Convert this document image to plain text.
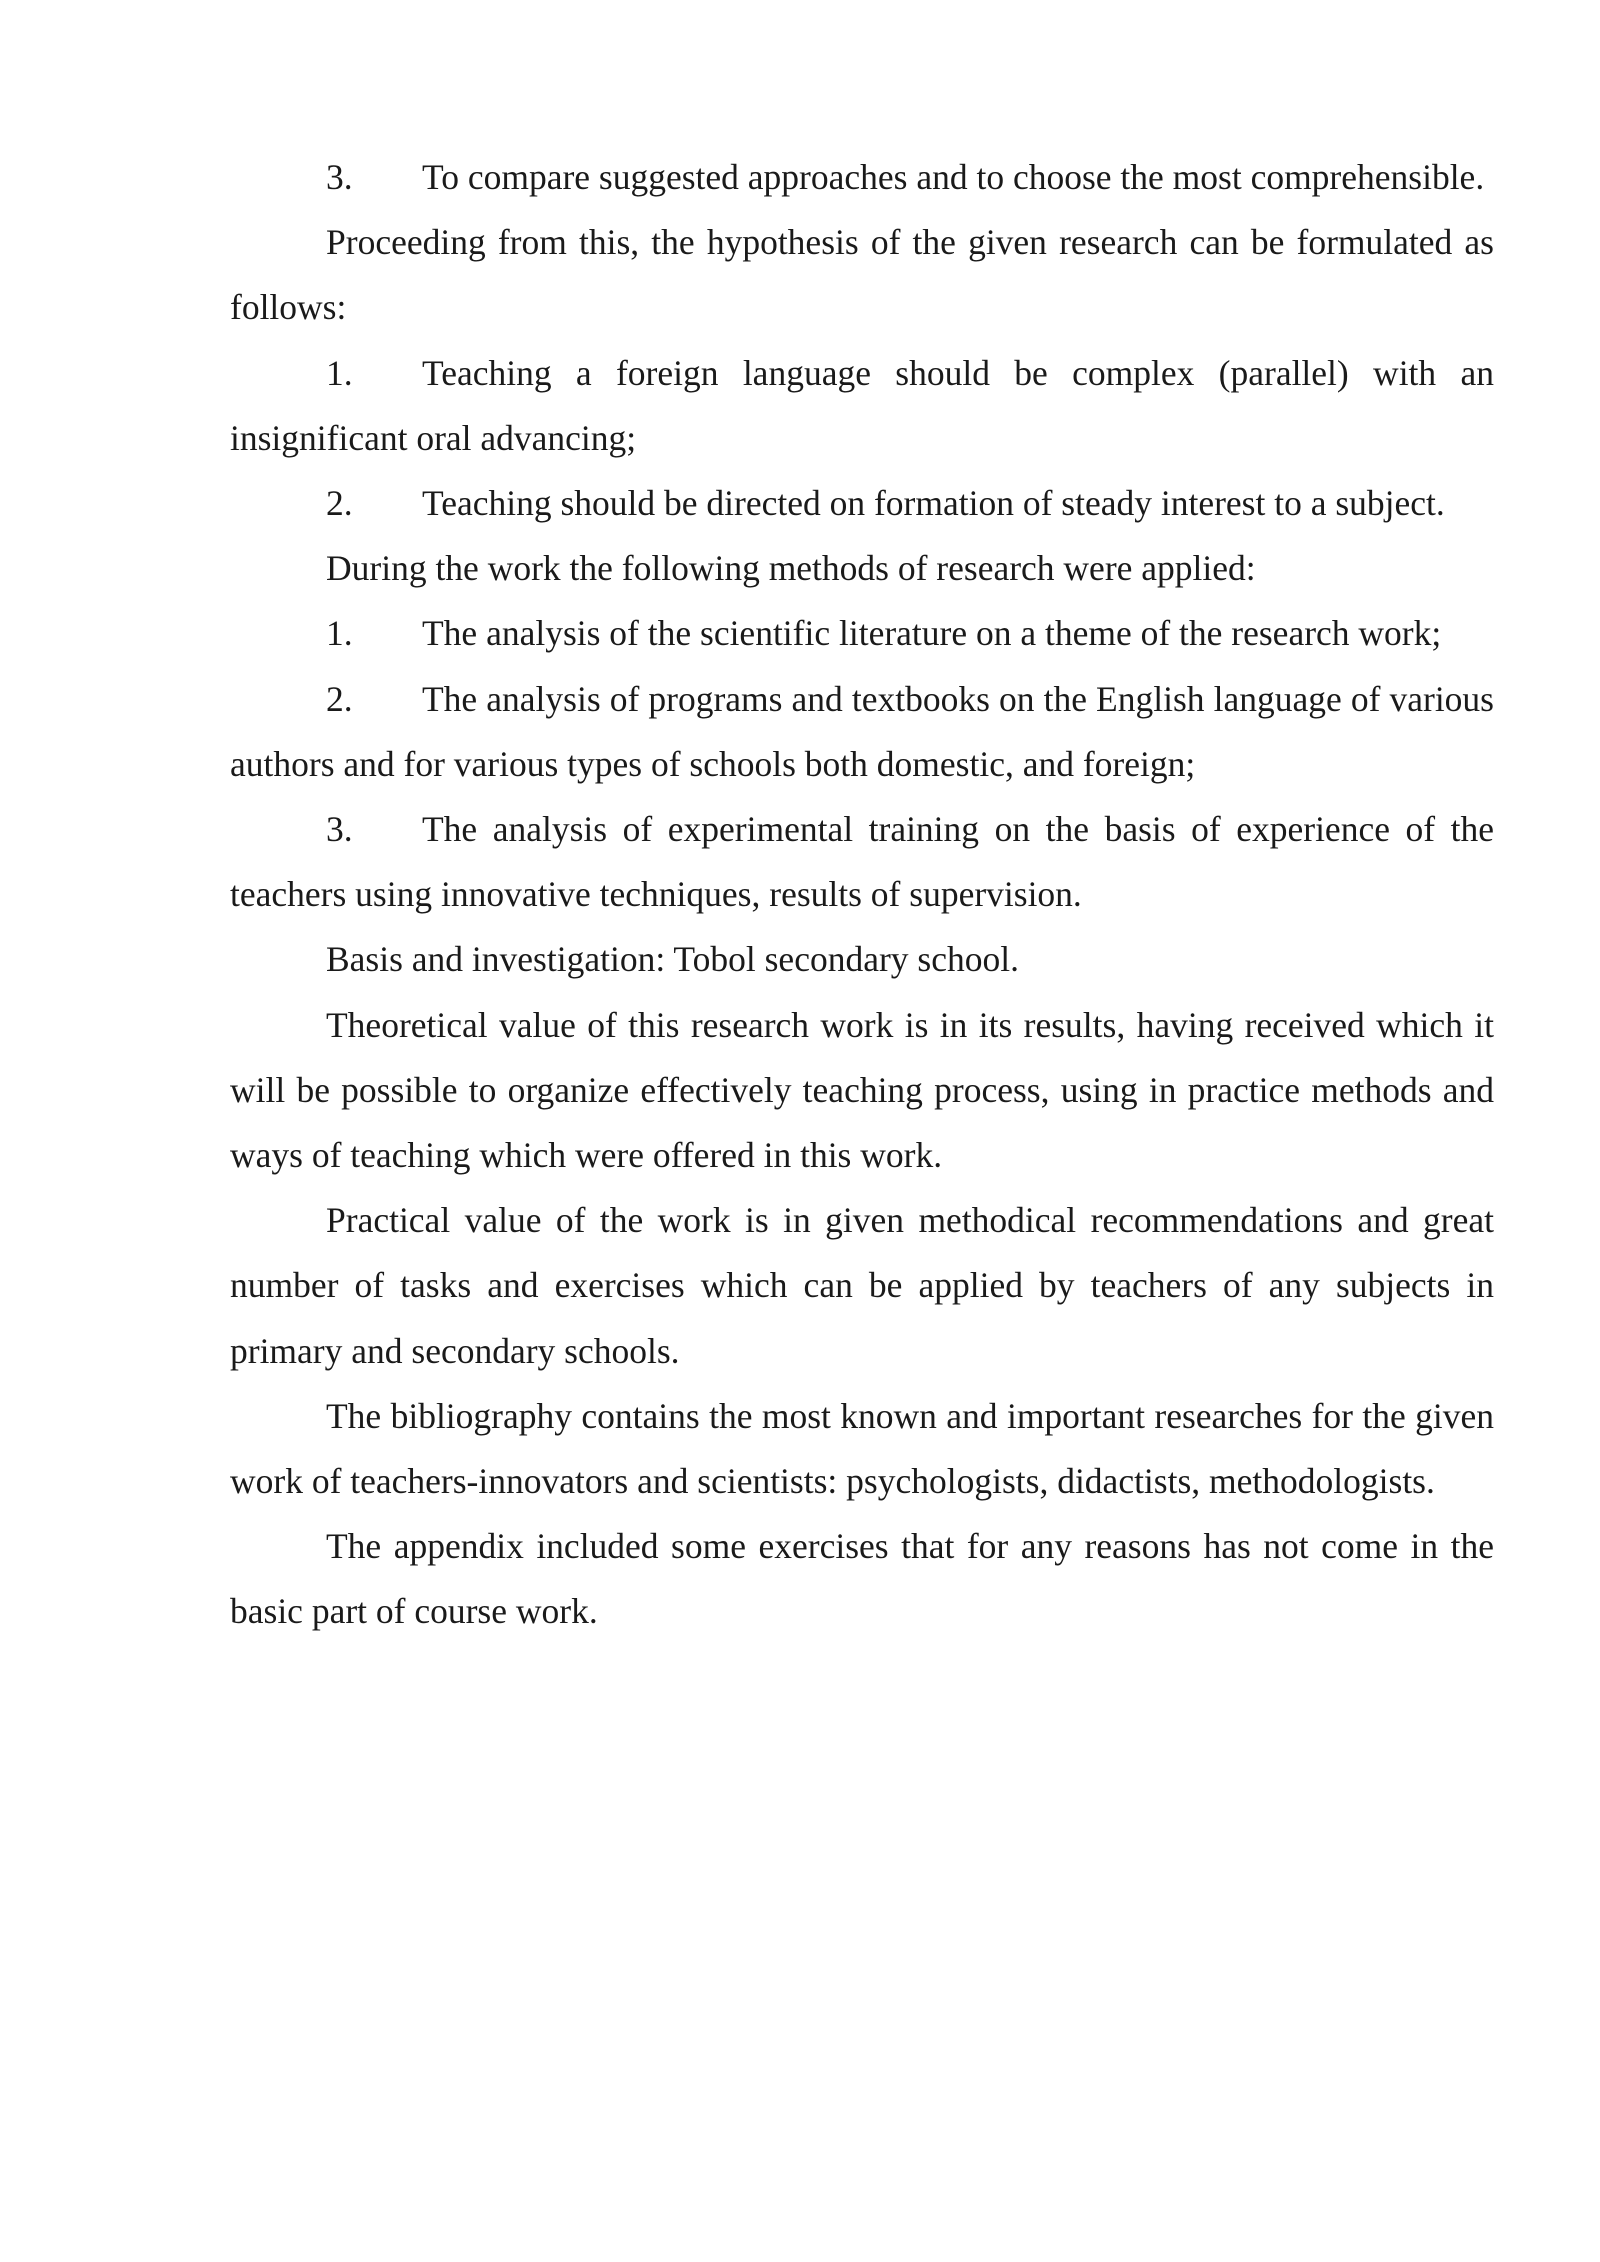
3. To compare suggested approaches and to choose the most comprehensible.

Proceeding from this, the hypothesis of the given research can be formulated as follows:

1. Teaching a foreign language should be complex (parallel) with an insignificant oral advancing;

2. Teaching should be directed on formation of steady interest to a subject.

During the work the following methods of research were applied:

1. The analysis of the scientific literature on a theme of the research work;

2. The analysis of programs and textbooks on the English language of various authors and for various types of schools both domestic, and foreign;

3. The analysis of experimental training on the basis of experience of the teachers using innovative techniques, results of supervision.

Basis and investigation: Tobol secondary school.

Theoretical value of this research work is in its results, having received which it will be possible to organize effectively teaching process, using in practice methods and ways of teaching which were offered in this work.

Practical value of the work is in given methodical recommendations and great number of tasks and exercises which can be applied by teachers of any subjects in primary and secondary schools.

The bibliography contains the most known and important researches for the given work of teachers-innovators and scientists: psychologists, didactists, methodologists.

The appendix included some exercises that for any reasons has not come in the basic part of course work.
